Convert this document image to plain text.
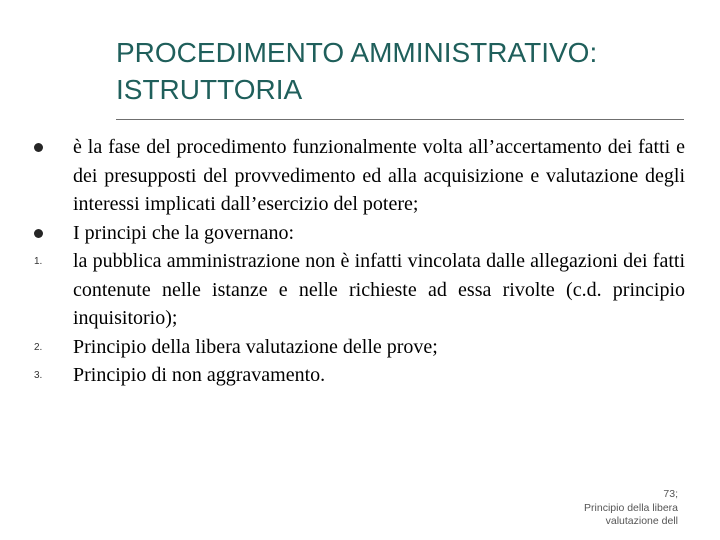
PROCEDIMENTO AMMINISTRATIVO:
ISTRUTTORIA
è la fase del procedimento funzionalmente volta all’accertamento dei fatti e dei presupposti del provvedimento ed alla acquisizione e valutazione degli interessi implicati dall’esercizio del potere;
I principi che la governano:
1. la pubblica amministrazione non è infatti vincolata dalle allegazioni dei fatti contenute nelle istanze e nelle richieste ad essa rivolte (c.d. principio inquisitorio);
2. Principio della libera valutazione delle prove;
3. Principio di non aggravamento.
73;
Principio della libera
valutazione dell
